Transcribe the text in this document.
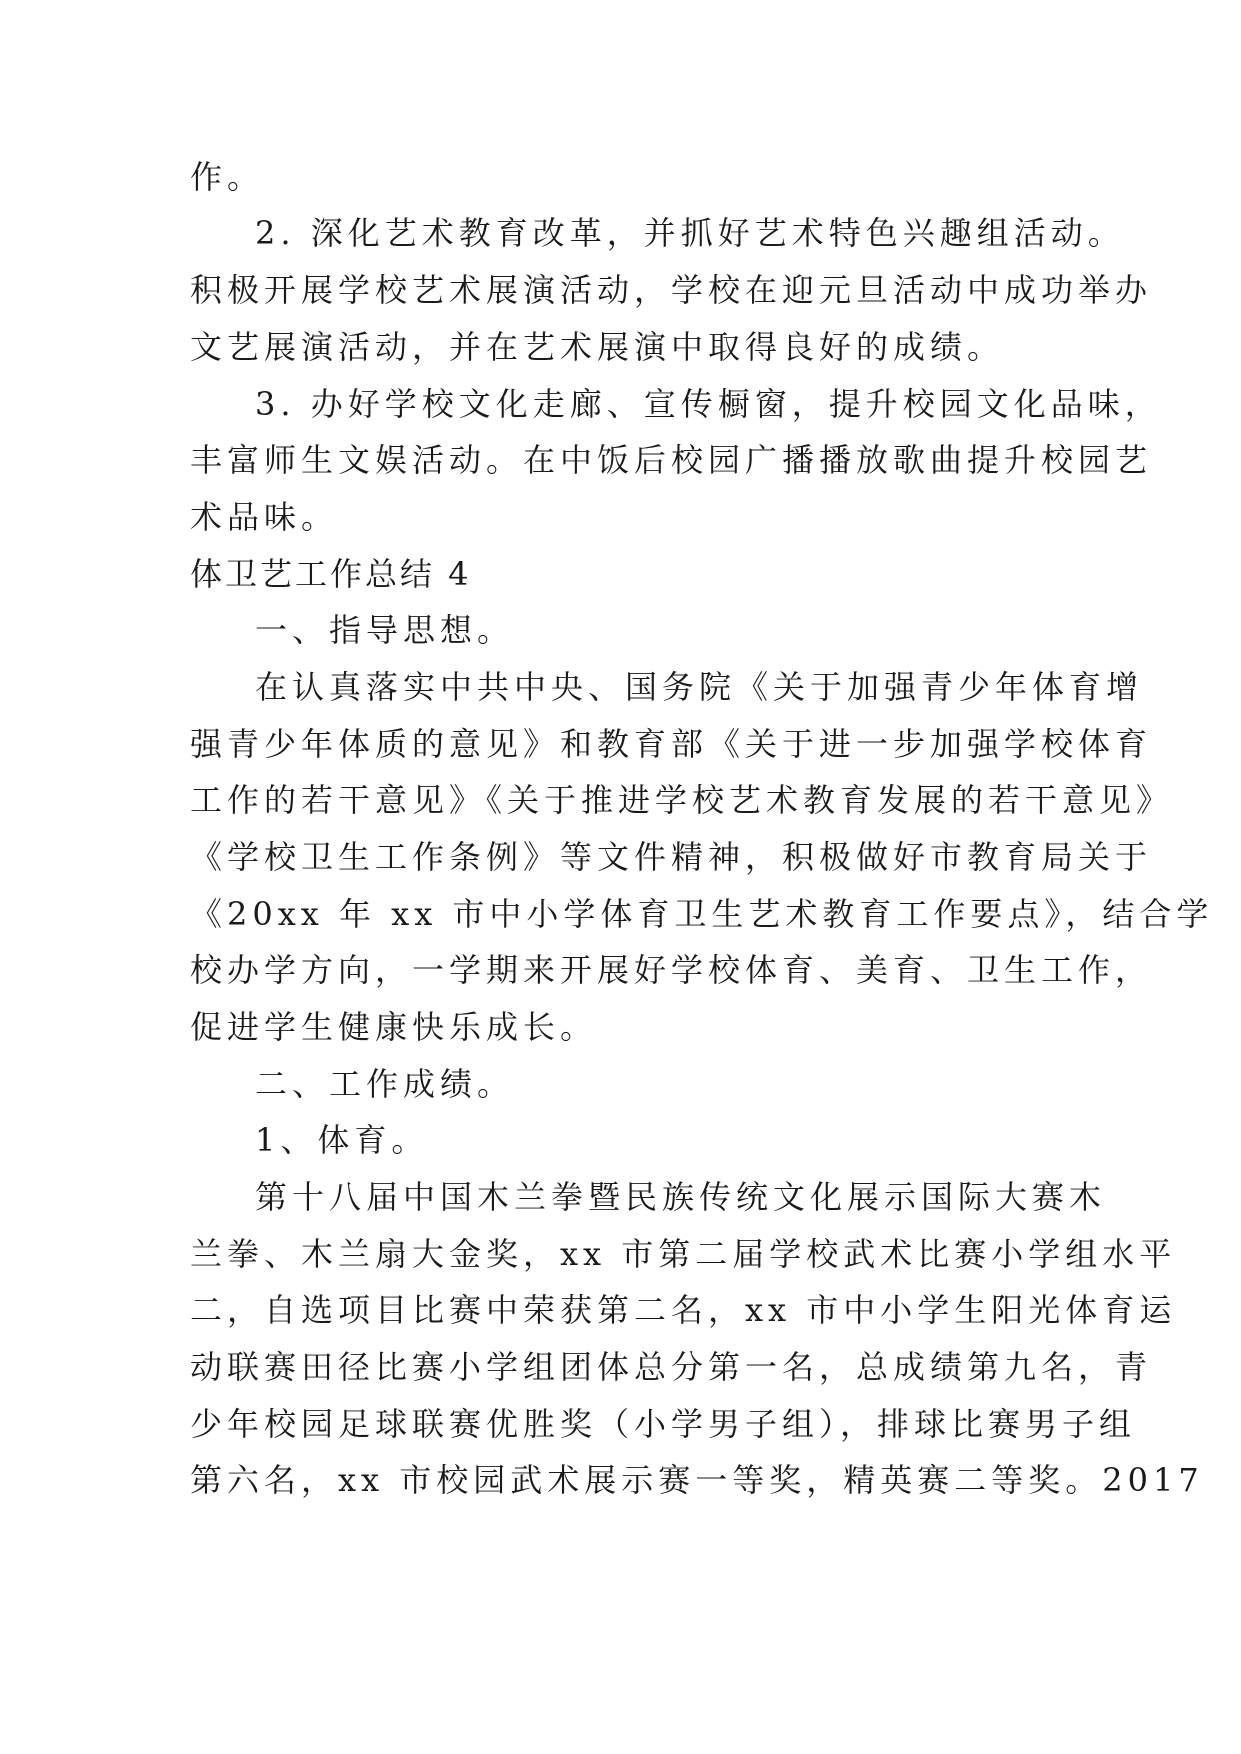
作。
2. 深化艺术教育改革，并抓好艺术特色兴趣组活动。
积极开展学校艺术展演活动，学校在迎元旦活动中成功举办
文艺展演活动，并在艺术展演中取得良好的成绩。
3. 办好学校文化走廊、宣传橱窗，提升校园文化品味，
丰富师生文娱活动。在中饭后校园广播播放歌曲提升校园艺
术品味。
体卫艺工作总结 4
一、指导思想。
在认真落实中共中央、国务院《关于加强青少年体育增
强青少年体质的意见》和教育部《关于进一步加强学校体育
工作的若干意见》《关于推进学校艺术教育发展的若干意见》
《学校卫生工作条例》等文件精神，积极做好市教育局关于
《20xx 年 xx 市中小学体育卫生艺术教育工作要点》，结合学
校办学方向，一学期来开展好学校体育、美育、卫生工作，
促进学生健康快乐成长。
二、工作成绩。
1、体育。
第十八届中国木兰拳暨民族传统文化展示国际大赛木
兰拳、木兰扇大金奖，xx 市第二届学校武术比赛小学组水平
二，自选项目比赛中荣获第二名，xx 市中小学生阳光体育运
动联赛田径比赛小学组团体总分第一名，总成绩第九名，青
少年校园足球联赛优胜奖（小学男子组），排球比赛男子组
第六名，xx 市校园武术展示赛一等奖，精英赛二等奖。2017
